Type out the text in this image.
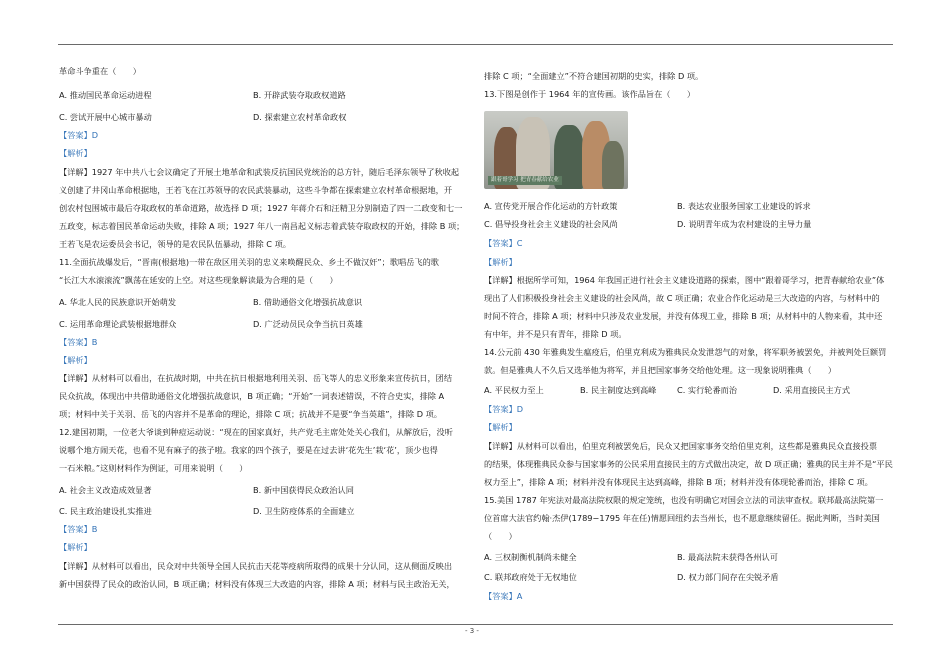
革命斗争重在（　　）
A. 推动国民革命运动进程	B. 开辟武装夺取政权道路
C. 尝试开展中心城市暴动	D. 探索建立农村革命政权
【答案】D
【解析】
【详解】1927 年中共八七会议确定了开展土地革命和武装反抗国民党统治的总方针，随后毛泽东领导了秋收起
义创建了井冈山革命根据地，王若飞在江苏领导的农民武装暴动，这些斗争都在探索建立农村革命根据地，开
创农村包围城市最后夺取政权的革命道路，故选择 D 项；1927 年蒋介石和汪精卫分别制造了四一二政变和七一
五政变，标志着国民革命运动失败，排除 A 项；1927 年八一南昌起义标志着武装夺取政权的开始，排除 B 项；
王若飞是农运委员会书记，领导的是农民队伍暴动，排除 C 项。
11.全面抗战爆发后，“晋南(根据地)一带在敌区用关羽的忠义来唤醒民众、乡土不做汉奸”；歌唱岳飞的歌
“长江大水滚滚流”飘荡在延安的上空。对这些现象解读最为合理的是（　　）
A. 华北人民的民族意识开始萌发	B. 借助通俗文化增强抗战意识
C. 运用革命理论武装根据地群众	D. 广泛动员民众争当抗日英雄
【答案】B
【解析】
【详解】从材料可以看出，在抗战时期，中共在抗日根据地利用关羽、岳飞等人的忠义形象来宣传抗日，团结
民众抗战，体现出中共借助通俗文化增强抗战意识，B 项正确；“开始”一词表述错误，不符合史实，排除 A
项；材料中关于关羽、岳飞的内容并不是革命的理论，排除 C 项；抗战并不是要“争当英雄”，排除 D 项。
12.建国初期，一位老大爷谈到种痘运动说：“现在的国家真好，共产党毛主席处处关心我们，从解放后，没听
说哪个地方闹天花，也看不见有麻子的孩子啦。我家的四个孩子，要是在过去讲‘花先生’栽‘花’，顶少也得
一石米粮。”这则材料作为例证，可用来说明（　　）
A. 社会主义改造成效显著	B. 新中国获得民众政治认同
C. 民主政治建设扎实推进	D. 卫生防疫体系的全面建立
【答案】B
【解析】
【详解】从材料可以看出，民众对中共领导全国人民抗击天花等疫病所取得的成果十分认同，这从侧面反映出
新中国获得了民众的政治认同，B 项正确；材料没有体现三大改造的内容，排除 A 项；材料与民主政治无关，
排除 C 项；“全面建立”不符合建国初期的史实，排除 D 项。
13.下图是创作于 1964 年的宣传画。该作品旨在（　　）
跟着哥学习 把青春献给农业
A. 宣传党开展合作化运动的方针政策	B. 表达农业服务国家工业建设的诉求
C. 倡导投身社会主义建设的社会风尚	D. 说明青年成为农村建设的主导力量
【答案】C
【解析】
【详解】根据所学可知，1964 年我国正进行社会主义建设道路的探索，图中“跟着哥学习，把青春献给农业”体
现出了人们积极投身社会主义建设的社会风尚，故 C 项正确；农业合作化运动是三大改造的内容，与材料中的
时间不符合，排除 A 项；材料中只涉及农业发展，并没有体现工业，排除 B 项；从材料中的人物来看，其中还
有中年，并不是只有青年，排除 D 项。
14.公元前 430 年雅典发生瘟疫后，伯里克利成为雅典民众发泄怨气的对象，将军职务被罢免，并被判处巨额罚
款。但是雅典人不久后又选举他为将军，并且把国家事务交给他处理。这一现象说明雅典（　　）
A. 平民权力至上	B. 民主制度达到高峰	C. 实行轮番而治	D. 采用直接民主方式
【答案】D
【解析】
【详解】从材料可以看出，伯里克利被罢免后，民众又把国家事务交给伯里克利，这些都是雅典民众直接投票
的结果，体现雅典民众参与国家事务的公民采用直接民主的方式做出决定，故 D 项正确；雅典的民主并不是“平民
权力至上”，排除 A 项；材料并没有体现民主达到高峰，排除 B 项；材料并没有体现轮番而治，排除 C 项。
15.美国 1787 年宪法对最高法院权限的规定笼统，也没有明确它对国会立法的司法审查权。联邦最高法院第一
位首席大法官约翰·杰伊(1789−1795 年在任)情愿回纽约去当州长，也不愿意继续留任。据此判断，当时美国
（　　）
A. 三权制衡机制尚未健全	B. 最高法院未获得各州认可
C. 联邦政府处于无权地位	D. 权力部门间存在尖锐矛盾
【答案】A
- 3 -
